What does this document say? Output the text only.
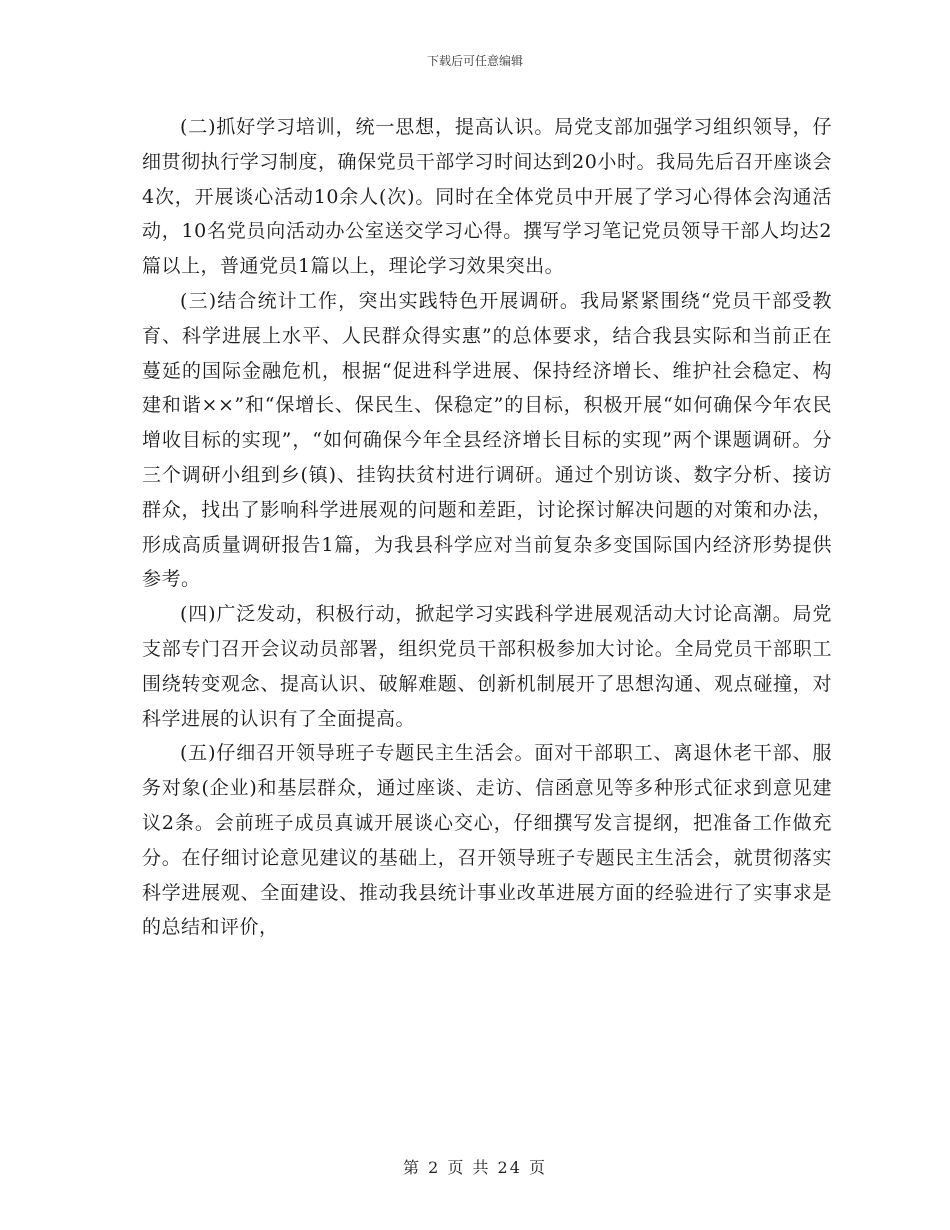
下载后可任意编辑

(二)抓好学习培训，统一思想，提高认识。局党支部加强学习组织领导，仔细贯彻执行学习制度，确保党员干部学习时间达到20小时。我局先后召开座谈会4次，开展谈心活动10余人(次)。同时在全体党员中开展了学习心得体会沟通活动，10名党员向活动办公室送交学习心得。撰写学习笔记党员领导干部人均达2篇以上，普通党员1篇以上，理论学习效果突出。

(三)结合统计工作，突出实践特色开展调研。我局紧紧围绕“党员干部受教育、科学进展上水平、人民群众得实惠”的总体要求，结合我县实际和当前正在蔓延的国际金融危机，根据“促进科学进展、保持经济增长、维护社会稳定、构建和谐××”和“保增长、保民生、保稳定”的目标，积极开展“如何确保今年农民增收目标的实现”，“如何确保今年全县经济增长目标的实现”两个课题调研。分三个调研小组到乡(镇)、挂钩扶贫村进行调研。通过个别访谈、数字分析、接访群众，找出了影响科学进展观的问题和差距，讨论探讨解决问题的对策和办法，形成高质量调研报告1篇，为我县科学应对当前复杂多变国际国内经济形势提供参考。

(四)广泛发动，积极行动，掀起学习实践科学进展观活动大讨论高潮。局党支部专门召开会议动员部署，组织党员干部积极参加大讨论。全局党员干部职工围绕转变观念、提高认识、破解难题、创新机制展开了思想沟通、观点碰撞，对科学进展的认识有了全面提高。

(五)仔细召开领导班子专题民主生活会。面对干部职工、离退休老干部、服务对象(企业)和基层群众，通过座谈、走访、信函意见等多种形式征求到意见建议2条。会前班子成员真诚开展谈心交心，仔细撰写发言提纲，把准备工作做充分。在仔细讨论意见建议的基础上，召开领导班子专题民主生活会，就贯彻落实科学进展观、全面建设、推动我县统计事业改革进展方面的经验进行了实事求是的总结和评价，

第 2 页 共 24 页
